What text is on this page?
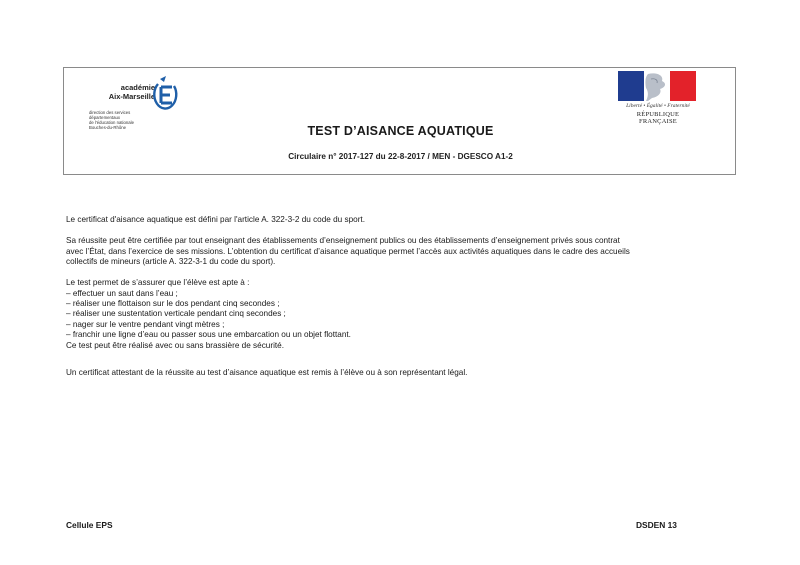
académie
Aix-Marseille
direction des services
départementaux
de l'éducation nationale
Bouches-du-Rhône
Liberté • Égalité • Fraternité
RÉPUBLIQUE FRANÇAISE
TEST D’AISANCE AQUATIQUE
Circulaire n° 2017-127 du 22-8-2017 / MEN - DGESCO A1-2

Le certificat d'aisance aquatique est défini par l'article A. 322-3-2 du code du sport.

Sa réussite peut être certifiée par tout enseignant des établissements d’enseignement publics ou des établissements d’enseignement privés sous contrat

avec l’État, dans l’exercice de ses missions. L’obtention du certificat d’aisance aquatique permet l’accès aux activités aquatiques dans le cadre des accueils

collectifs de mineurs (article A. 322-3-1 du code du sport).

Le test permet de s’assurer que l’élève est apte à :

– effectuer un saut dans l’eau ;

– réaliser une flottaison sur le dos pendant cinq secondes ;

– réaliser une sustentation verticale pendant cinq secondes ;

– nager sur le ventre pendant vingt mètres ;

– franchir une ligne d’eau ou passer sous une embarcation ou un objet flottant.

Ce test peut être réalisé avec ou sans brassière de sécurité.

Un certificat attestant de la réussite au test d’aisance aquatique est remis à l’élève ou à son représentant légal.

Cellule EPS	DSDEN 13
